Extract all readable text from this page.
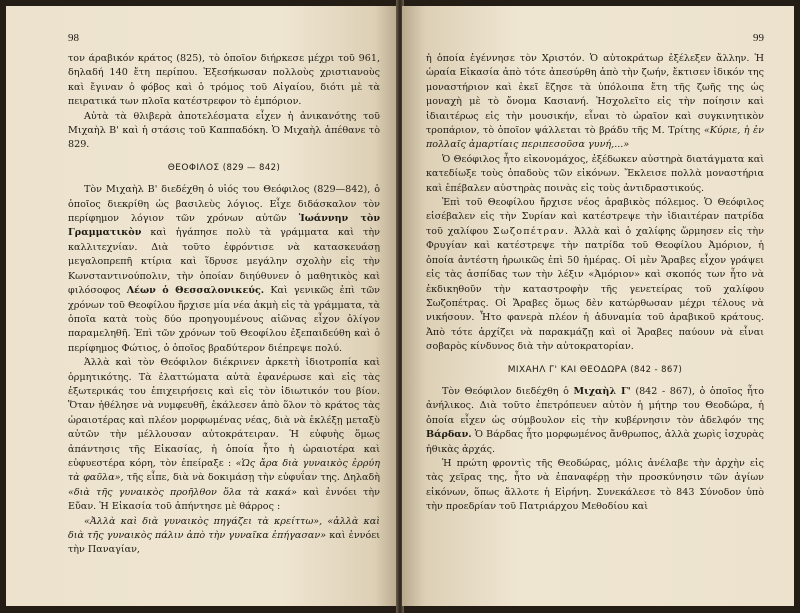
98

τον άραβικόν κράτος (825), τὸ ὁποῖον διήρκεσε μέχρι τοῦ 961, δηλαδή 140 ἔτη περίπου. Ἐξεσήκωσαν πολλοὺς χριστιανοὺς καὶ ἔγιναν ὁ φόβος καὶ ὁ τρόμος τοῦ Αἰγαίου, διότι μὲ τὰ πειρατικά των πλοῖα κατέστρεφον τὸ ἐμπόριον.

Αὐτὰ τὰ θλιβερὰ ἀποτελέσματα εἶχεν ἡ ἀνικανότης τοῦ Μιχαὴλ Β' καὶ ἡ στάσις τοῦ Καππαδόκη. Ὁ Μιχαὴλ ἀπέθανε τὸ 829.

ΘΕΟΦΙΛΟΣ (829 — 842)

Τὸν Μιχαὴλ Β' διεδέχθη ὁ υἱός του Θεόφιλος (829—842), ὁ ὁποῖος διεκρίθη ὡς βασιλεὺς λόγιος. Εἶχε διδάσκαλον τὸν περίφημον λόγιον τῶν χρόνων αὐτῶν Ἰωάννην τὸν Γραμματικὸν καὶ ἠγάπησε πολὺ τὰ γράμματα καὶ τὴν καλλιτεχνίαν. Διὰ τοῦτο ἐφρόντισε νὰ κατασκευάσῃ μεγαλοπρεπῆ κτίρια καὶ ἵδρυσε μεγάλην σχολὴν εἰς τὴν Κωνσταντινούπολιν, τὴν ὁποίαν διηύθυνεν ὁ μαθητικὸς καὶ φιλόσοφος Λέων ὁ Θεσσαλονικεύς. Καὶ γενικῶς ἐπὶ τῶν χρόνων τοῦ Θεοφίλου ἤρχισε μία νέα ἀκμὴ εἰς τὰ γράμματα, τὰ ὁποῖα κατὰ τοὺς δύο προηγουμένους αἰῶνας εἶχον ὀλίγον παραμεληθῆ. Ἐπὶ τῶν χρόνων τοῦ Θεοφίλου ἐξεπαιδεύθη καὶ ὁ περίφημος Φώτιος, ὁ ὁποῖος βραδύτερον διέπρεψε πολύ.

Ἀλλὰ καὶ τὸν Θεόφιλον διέκρινεν ἀρκετὴ ἰδιοτροπία καὶ ὁρμητικότης. Τὰ ἐλαττώματα αὐτὰ ἐφανέρωσε καὶ εἰς τὰς ἐξωτερικάς του ἐπιχειρήσεις καὶ εἰς τὸν ἰδιωτικόν του βίον. Ὅταν ἠθέλησε νὰ νυμφευθῆ, ἐκάλεσεν ἀπὸ ὅλον τὸ κράτος τὰς ὡραιοτέρας καὶ πλέον μορφωμένας νέας, διὰ νὰ ἐκλέξῃ μεταξὺ αὐτῶν τὴν μέλλουσαν αὐτοκράτειραν. Ἡ εὐφυὴς ὅμως ἀπάντησις τῆς Εἰκασίας, ἡ ὁποία ἦτο ἡ ὡραιοτέρα καὶ εὐφυεστέρα κόρη, τὸν ἐπείραξε : «Ὡς ἄρα διὰ γυναικὸς ἐρρύη τὰ φαῦλα», τῆς εἶπε, διὰ νὰ δοκιμάσῃ τὴν εὐφυΐαν της. Δηλαδὴ «διὰ τῆς γυναικὸς προῆλθον ὅλα τὰ κακά» καὶ ἐννόει τὴν Εὔαν. Ἡ Εἰκασία τοῦ ἀπήντησε μὲ θάρρος :

«Ἀλλὰ καὶ διὰ γυναικὸς πηγάζει τὰ κρείττω», «ἀλλὰ καὶ διὰ τῆς γυναικὸς πάλιν ἀπὸ τὴν γυναῖκα ἐπήγασαν» καὶ ἐννόει τὴν Παναγίαν,

99

ἡ ὁποία ἐγέννησε τὸν Χριστόν. Ὁ αὐτοκράτωρ ἐξέλεξεν ἄλλην. Ἡ ὡραία Εἰκασία ἀπὸ τότε ἀπεσύρθη ἀπὸ τὴν ζωήν, ἔκτισεν ἰδικόν της μοναστήριον καὶ ἐκεῖ ἔζησε τὰ ὑπόλοιπα ἔτη τῆς ζωῆς της ὡς μοναχὴ μὲ τὸ ὄνομα Κασιανή. Ἠσχολεῖτο εἰς τὴν ποίησιν καὶ ἰδιαιτέρως εἰς τὴν μουσικήν, εἶναι τὸ ὡραῖον καὶ συγκινητικὸν τροπάριον, τὸ ὁποῖον ψάλλεται τὸ βράδυ τῆς Μ. Τρίτης «Κύριε, ἡ ἐν πολλαῖς ἁμαρτίαις περιπεσοῦσα γυνή,...»

Ὁ Θεόφιλος ἦτο εἰκονομάχος, ἐξέδωκεν αὐστηρὰ διατάγματα καὶ κατεδίωξε τοὺς ὀπαδοὺς τῶν εἰκόνων. Ἔκλεισε πολλὰ μοναστήρια καὶ ἐπέβαλεν αὐστηρὰς ποινὰς εἰς τοὺς ἀντιδραστικούς.

Ἐπὶ τοῦ Θεοφίλου ἤρχισε νέος ἀραβικὸς πόλεμος. Ὁ Θεόφιλος εἰσέβαλεν εἰς τὴν Συρίαν καὶ κατέστρεψε τὴν ἰδιαιτέραν πατρίδα τοῦ χαλίφου Σωζοπέτραν. Ἀλλὰ καὶ ὁ χαλίφης ὥρμησεν εἰς τὴν Φρυγίαν καὶ κατέστρεψε τὴν πατρίδα τοῦ Θεοφίλου Ἀμόριον, ἡ ὁποία ἀντέστη ἡρωικῶς ἐπὶ 50 ἡμέρας. Οἱ μὲν Ἄραβες εἶχον γράψει εἰς τὰς ἀσπίδας των τὴν λέξιν «Ἀμόριον» καὶ σκοπός των ἦτο νὰ ἐκδικηθοῦν τὴν καταστροφὴν τῆς γενετείρας τοῦ χαλίφου Σωζοπέτρας. Οἱ Ἄραβες ὅμως δὲν κατώρθωσαν μέχρι τέλους νὰ νικήσουν. Ἦτο φανερὰ πλέον ἡ ἀδυναμία τοῦ ἀραβικοῦ κράτους. Ἀπὸ τότε ἀρχίζει νὰ παρακμάζῃ καὶ οἱ Ἄραβες παύουν νὰ εἶναι σοβαρὸς κίνδυνος διὰ τὴν αὐτοκρατορίαν.

ΜΙΧΑΗΛ Γ' ΚΑΙ ΘΕΟΔΩΡΑ (842 - 867)

Τὸν Θεόφιλον διεδέχθη ὁ Μιχαὴλ Γ' (842 - 867), ὁ ὁποῖος ἦτο ἀνήλικος. Διὰ τοῦτο ἐπετρόπευεν αὐτὸν ἡ μήτηρ του Θεοδώρα, ἡ ὁποία εἶχεν ὡς σύμβουλον εἰς τὴν κυβέρνησιν τὸν ἀδελφόν της Βάρδαν. Ὁ Βάρδας ἦτο μορφωμένος ἄνθρωπος, ἀλλὰ χωρὶς ἰσχυρὰς ἠθικὰς ἀρχάς.

Ἡ πρώτη φροντὶς τῆς Θεοδώρας, μόλις ἀνέλαβε τὴν ἀρχὴν εἰς τὰς χεῖρας της, ἦτο νὰ ἐπαναφέρῃ τὴν προσκύνησιν τῶν ἁγίων εἰκόνων, ὅπως ἄλλοτε ἡ Εἰρήνη. Συνεκάλεσε τὸ 843 Σύνοδον ὑπὸ τὴν προεδρίαν τοῦ Πατριάρχου Μεθοδίου καὶ
